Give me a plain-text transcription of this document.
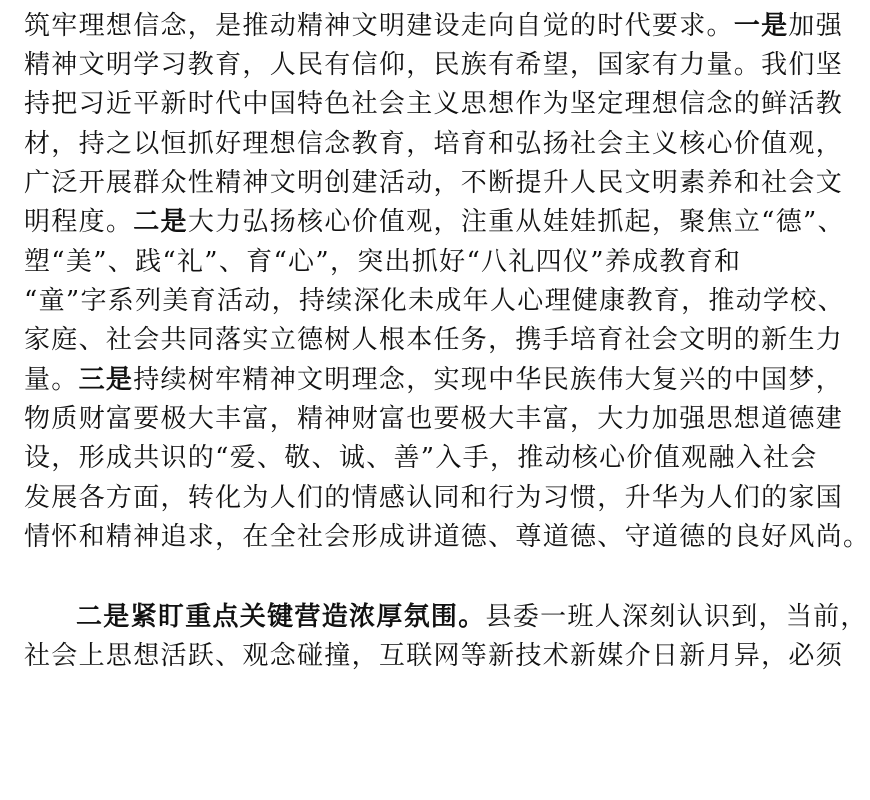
筑牢理想信念，是推动精神文明建设走向自觉的时代要求。一是加强
精神文明学习教育，人民有信仰，民族有希望，国家有力量。我们坚
持把习近平新时代中国特色社会主义思想作为坚定理想信念的鲜活教
材，持之以恒抓好理想信念教育，培育和弘扬社会主义核心价值观，
广泛开展群众性精神文明创建活动，不断提升人民文明素养和社会文
明程度。二是大力弘扬核心价值观，注重从娃娃抓起，聚焦立“德”、
塑“美”、践“礼”、育“心”，突出抓好“八礼四仪”养成教育和
“童”字系列美育活动，持续深化未成年人心理健康教育，推动学校、
家庭、社会共同落实立德树人根本任务，携手培育社会文明的新生力
量。三是持续树牢精神文明理念，实现中华民族伟大复兴的中国梦，
物质财富要极大丰富，精神财富也要极大丰富，大力加强思想道德建
设，形成共识的“爱、敬、诚、善”入手，推动核心价值观融入社会
发展各方面，转化为人们的情感认同和行为习惯，升华为人们的家国
情怀和精神追求，在全社会形成讲道德、尊道德、守道德的良好风尚。
二是紧盯重点关键营造浓厚氛围。县委一班人深刻认识到，当前，
社会上思想活跃、观念碰撞，互联网等新技术新媒介日新月异，必须
